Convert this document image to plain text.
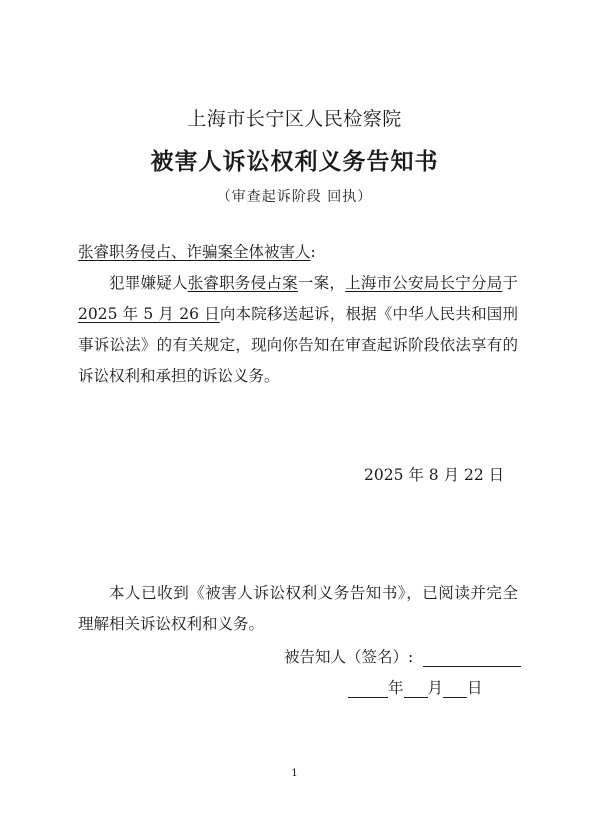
上海市长宁区人民检察院
被害人诉讼权利义务告知书
（审查起诉阶段 回执）
张睿职务侵占、诈骗案全体被害人:
犯罪嫌疑人张睿职务侵占案一案，上海市公安局长宁分局于2025 年 5 月 26 日向本院移送起诉，根据《中华人民共和国刑事诉讼法》的有关规定，现向你告知在审查起诉阶段依法享有的诉讼权利和承担的诉讼义务。
2025 年 8 月 22 日
本人已收到《被害人诉讼权利义务告知书》，已阅读并完全理解相关诉讼权利和义务。
被告知人（签名）:
年 月 日
1
